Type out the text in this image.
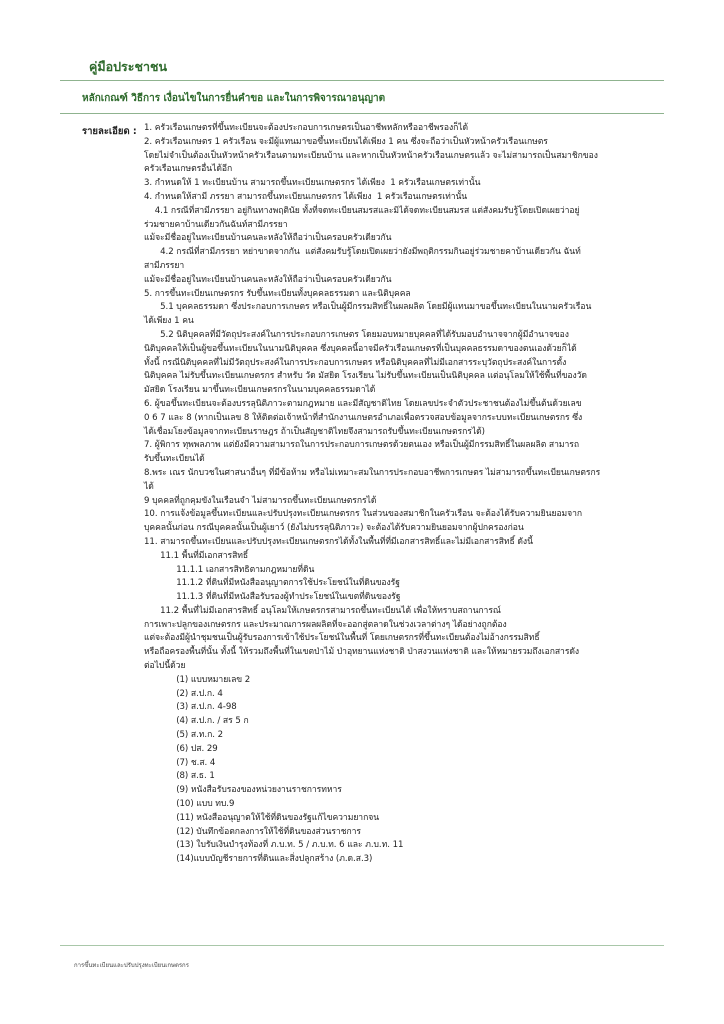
คู่มือประชาชน
หลักเกณฑ์ วิธีการ เงื่อนไขในการยื่นคำขอ และในการพิจารณาอนุญาต
รายละเอียด : 1. ครัวเรือนเกษตรที่ขึ้นทะเบียนจะต้องประกอบการเกษตรเป็นอาชีพหลักหรืออาชีพรองก็ได้
2. ครัวเรือนเกษตร 1 ครัวเรือน จะมีผู้แทนมาขอขึ้นทะเบียนได้เพียง 1 คน ซึ่งจะถือว่าเป็นหัวหน้าครัวเรือนเกษตร
โดยไม่จำเป็นต้องเป็นหัวหน้าครัวเรือนตามทะเบียนบ้าน และหากเป็นหัวหน้าครัวเรือนเกษตรแล้ว จะไม่สามารถเป็นสมาชิกของ
ครัวเรือนเกษตรอื่นได้อีก
3. กำหนดให้ 1 ทะเบียนบ้าน สามารถขึ้นทะเบียนเกษตรกร ได้เพียง  1 ครัวเรือนเกษตรเท่านั้น
4. กำหนดให้สามี ภรรยา สามารถขึ้นทะเบียนเกษตรกร ได้เพียง  1 ครัวเรือนเกษตรเท่านั้น
4.1 กรณีที่สามีภรรยา อยู่กินทางพฤตินัย ทั้งที่จดทะเบียนสมรสและมิได้จดทะเบียนสมรส แต่สังคมรับรู้โดยเปิดเผยว่าอยู่
ร่วมชายคาบ้านเดียวกันฉันท์สามีภรรยา
แม้จะมีชื่ออยู่ในทะเบียนบ้านคนละหลังให้ถือว่าเป็นครอบครัวเดียวกัน
4.2 กรณีที่สามีภรรยา หย่าขาดจากกัน  แต่สังคมรับรู้โดยเปิดเผยว่ายังมีพฤติกรรมกินอยู่ร่วมชายคาบ้านเดียวกัน ฉันท์
สามีภรรยา
แม้จะมีชื่ออยู่ในทะเบียนบ้านคนละหลังให้ถือว่าเป็นครอบครัวเดียวกัน
5. การขึ้นทะเบียนเกษตรกร รับขึ้นทะเบียนทั้งบุคคลธรรมดา และนิติบุคคล
5.1 บุคคลธรรมดา ซึ่งประกอบการเกษตร หรือเป็นผู้มีกรรมสิทธิ์ในผลผลิต โดยมีผู้แทนมาขอขึ้นทะเบียนในนามครัวเรือน
ได้เพียง 1 คน
5.2 นิติบุคคลที่มีวัตถุประสงค์ในการประกอบการเกษตร โดยมอบหมายบุคคลที่ได้รับมอบอำนาจจากผู้มีอำนาจของ
นิติบุคคลให้เป็นผู้ขอขึ้นทะเบียนในนามนิติบุคคล ซึ่งบุคคลนี้อาจมีครัวเรือนเกษตรที่เป็นบุคคลธรรมดาของตนเองด้วยก็ได้
ทั้งนี้ กรณีนิติบุคคลที่ไม่มีวัตถุประสงค์ในการประกอบการเกษตร หรือนิติบุคคลที่ไม่มีเอกสารระบุวัตถุประสงค์ในการตั้ง
นิติบุคคล ไม่รับขึ้นทะเบียนเกษตรกร สำหรับ วัด มัสยิด โรงเรียน ไม่รับขึ้นทะเบียนเป็นนิติบุคคล แต่อนุโลมให้ใช้พื้นที่ของวัด
มัสยิด โรงเรียน มาขึ้นทะเบียนเกษตรกรในนามบุคคลธรรมดาได้
6. ผู้ขอขึ้นทะเบียนจะต้องบรรลุนิติภาวะตามกฎหมาย และมีสัญชาติไทย โดยเลขประจำตัวประชาชนต้องไม่ขึ้นต้นด้วยเลข
0 6 7 และ 8 (หากเป็นเลข 8 ให้ติดต่อเจ้าหน้าที่สำนักงานเกษตรอำเภอเพื่อตรวจสอบข้อมูลจากระบบทะเบียนเกษตรกร ซึ่ง
ได้เชื่อมโยงข้อมูลจากทะเบียนราษฎร ถ้าเป็นสัญชาติไทยจึงสามารถรับขึ้นทะเบียนเกษตรกรได้)
7. ผู้พิการ ทุพพลภาพ แต่ยังมีความสามารถในการประกอบการเกษตรด้วยตนเอง หรือเป็นผู้มีกรรมสิทธิ์ในผลผลิต สามารถ
รับขึ้นทะเบียนได้
8.พระ เณร นักบวชในศาสนาอื่นๆ ที่มีข้อห้าม หรือไม่เหมาะสมในการประกอบอาชีพการเกษตร ไม่สามารถขึ้นทะเบียนเกษตรกร
ได้
9 บุคคลที่ถูกคุมขังในเรือนจำ ไม่สามารถขึ้นทะเบียนเกษตรกรได้
10. การแจ้งข้อมูลขึ้นทะเบียนและปรับปรุงทะเบียนเกษตรกร ในส่วนของสมาชิกในครัวเรือน จะต้องได้รับความยินยอมจาก
บุคคลนั้นก่อน กรณีบุคคลนั้นเป็นผู้เยาว์ (ยังไม่บรรลุนิติภาวะ) จะต้องได้รับความยินยอมจากผู้ปกครองก่อน
11. สามารถขึ้นทะเบียนและปรับปรุงทะเบียนเกษตรกรได้ทั้งในพื้นที่ที่มีเอกสารสิทธิ์และไม่มีเอกสารสิทธิ์ ดังนี้
11.1 พื้นที่มีเอกสารสิทธิ์
11.1.1 เอกสารสิทธิตามกฎหมายที่ดิน
11.1.2 ที่ดินที่มีหนังสืออนุญาตการใช้ประโยชน์ในที่ดินของรัฐ
11.1.3 ที่ดินที่มีหนังสือรับรองผู้ทำประโยชน์ในเขตที่ดินของรัฐ
11.2 พื้นที่ไม่มีเอกสารสิทธิ์ อนุโลมให้เกษตรกรสามารถขึ้นทะเบียนได้ เพื่อให้ทราบสถานการณ์
การเพาะปลูกของเกษตรกร และประมาณการผลผลิตที่จะออกสู่ตลาดในช่วงเวลาต่างๆ ได้อย่างถูกต้อง
แต่จะต้องมีผู้นำชุมชนเป็นผู้รับรองการเข้าใช้ประโยชน์ในพื้นที่ โดยเกษตรกรที่ขึ้นทะเบียนต้องไม่อ้างกรรมสิทธิ์
หรือถือครองพื้นที่นั้น ทั้งนี้ ให้รวมถึงพื้นที่ในเขตป่าไม้ ป่าอุทยานแห่งชาติ ป่าสงวนแห่งชาติ และให้หมายรวมถึงเอกสารดัง
ต่อไปนี้ด้วย
(1) แบบหมายเลข 2
(2) ส.ป.ก. 4
(3) ส.ป.ก. 4-98
(4) ส.ป.ก. / สร 5 ก
(5) ส.ท.ก. 2
(6) ปส. 29
(7) ช.ส. 4
(8) ส.ธ. 1
(9) หนังสือรับรองของหน่วยงานราชการทหาร
(10) แบบ ทบ.9
(11) หนังสืออนุญาตให้ใช้ที่ดินของรัฐแก้ไขความยากจน
(12) บันทึกข้อตกลงการให้ใช้ที่ดินของส่วนราชการ
(13) ใบรับเงินบำรุงท้องที่ ภ.บ.ท. 5 / ภ.บ.ท. 6 และ ภ.บ.ท. 11
(14)แบบบัญชีรายการที่ดินและสิ่งปลูกสร้าง (ภ.ด.ส.3)
การขึ้นทะเบียนและปรับปรุงทะเบียนเกษตรกร
